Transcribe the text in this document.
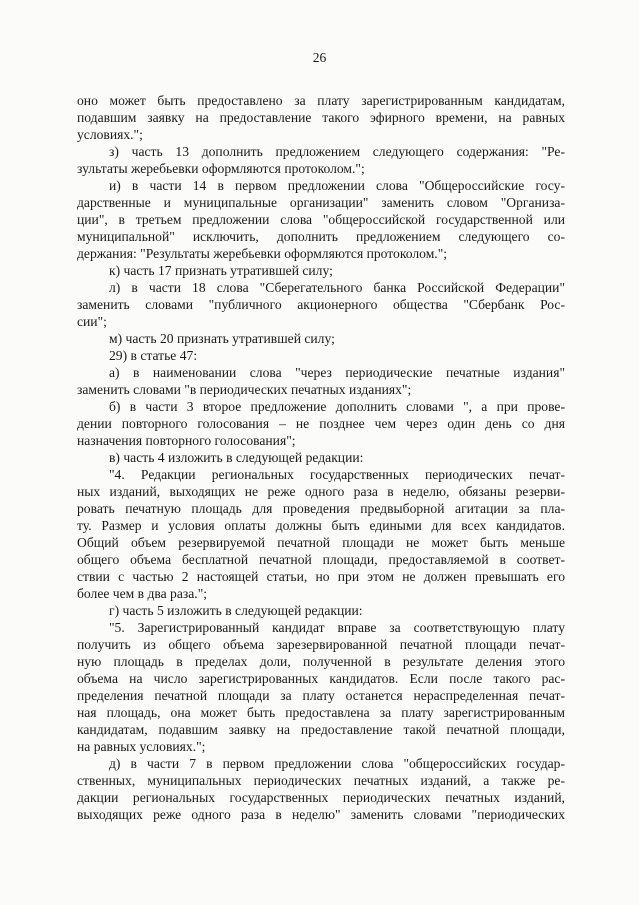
26
оно может быть предоставлено за плату зарегистрированным кандидатам,
подавшим заявку на предоставление такого эфирного времени, на равных
условиях.";
з) часть 13 дополнить предложением следующего содержания: "Ре-
зультаты жеребьевки оформляются протоколом.";
и) в части 14 в первом предложении слова "Общероссийские госу-
дарственные и муниципальные организации" заменить словом "Организа-
ции", в третьем предложении слова "общероссийской государственной или
муниципальной" исключить, дополнить предложением следующего со-
держания: "Результаты жеребьевки оформляются протоколом.";
к) часть 17 признать утратившей силу;
л) в части 18 слова "Сберегательного банка Российской Федерации"
заменить словами "публичного акционерного общества "Сбербанк Рос-
сии";
м) часть 20 признать утратившей силу;
29) в статье 47:
а) в наименовании слова "через периодические печатные издания"
заменить словами "в периодических печатных изданиях";
б) в части 3 второе предложение дополнить словами ", а при прове-
дении повторного голосования – не позднее чем через один день со дня
назначения повторного голосования";
в) часть 4 изложить в следующей редакции:
"4. Редакции региональных государственных периодических печат-
ных изданий, выходящих не реже одного раза в неделю, обязаны резерви-
ровать печатную площадь для проведения предвыборной агитации за пла-
ту. Размер и условия оплаты должны быть едиными для всех кандидатов.
Общий объем резервируемой печатной площади не может быть меньше
общего объема бесплатной печатной площади, предоставляемой в соответ-
ствии с частью 2 настоящей статьи, но при этом не должен превышать его
более чем в два раза.";
г) часть 5 изложить в следующей редакции:
"5. Зарегистрированный кандидат вправе за соответствующую плату
получить из общего объема зарезервированной печатной площади печат-
ную площадь в пределах доли, полученной в результате деления этого
объема на число зарегистрированных кандидатов. Если после такого рас-
пределения печатной площади за плату останется нераспределенная печат-
ная площадь, она может быть предоставлена за плату зарегистрированным
кандидатам, подавшим заявку на предоставление такой печатной площади,
на равных условиях.";
д) в части 7 в первом предложении слова "общероссийских государ-
ственных, муниципальных периодических печатных изданий, а также ре-
дакции региональных государственных периодических печатных изданий,
выходящих реже одного раза в неделю" заменить словами "периодических
